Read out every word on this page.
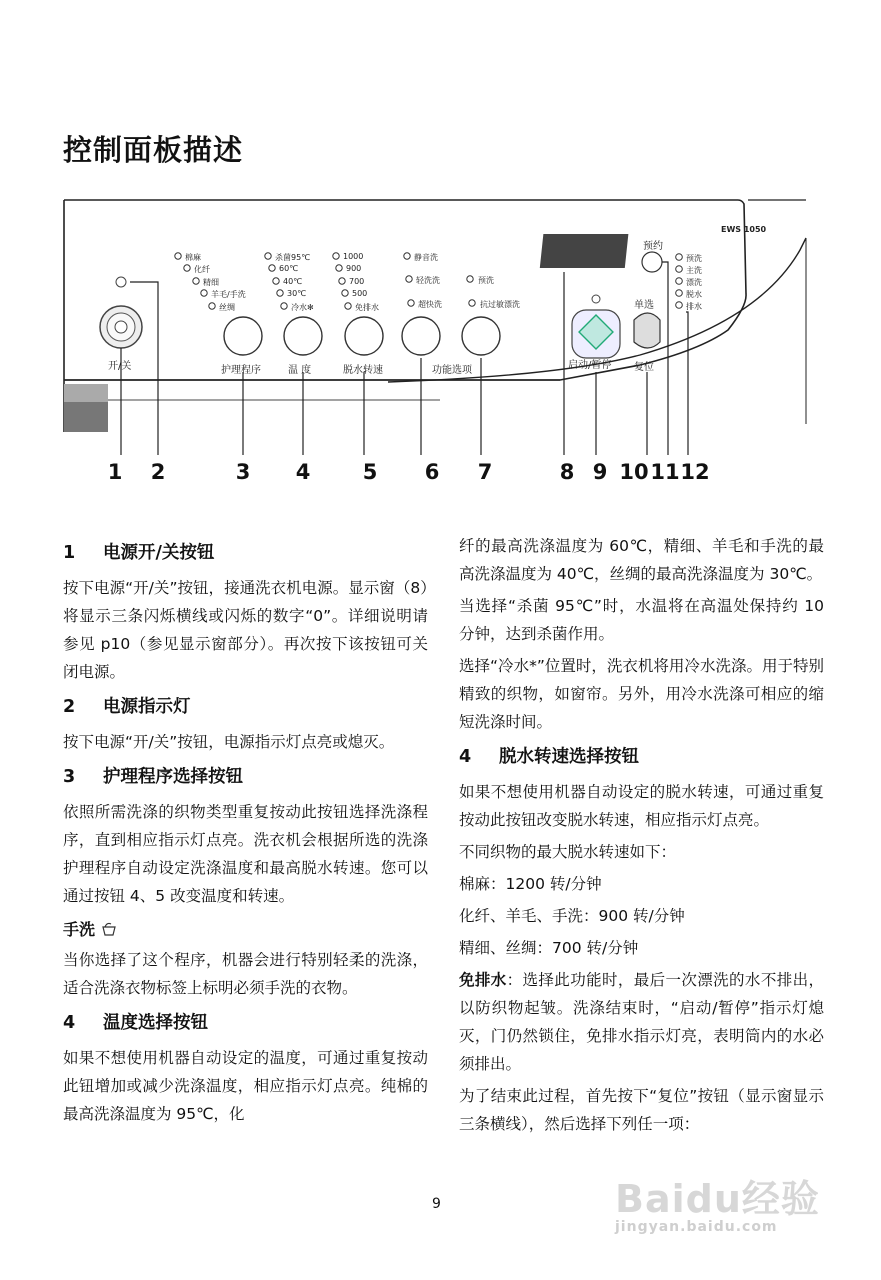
控制面板描述
EWS 1050
开/关
棉麻
化纤
精细
羊毛/手洗
丝绸
护理程序
杀菌95℃
60℃
40℃
30℃
冷水✻
温 度
1000
900
700
500
免排水
脱水转速
静音洗
轻洗洗
超快洗
预洗
抗过敏漂洗
功能选项
预约
启动/暂停
单选
复位
预洗
主洗
漂洗
脱水
排水
1	2	3	4	5	6	7	8 9 10 11 12
1 电源开/关按钮

按下电源“开/关”按钮，接通洗衣机电源。显示窗（8）将显示三条闪烁横线或闪烁的数字“0”。详细说明请参见 p10（参见显示窗部分）。再次按下该按钮可关闭电源。

2 电源指示灯

按下电源“开/关”按钮，电源指示灯点亮或熄灭。

3 护理程序选择按钮

依照所需洗涤的织物类型重复按动此按钮选择洗涤程序，直到相应指示灯点亮。洗衣机会根据所选的洗涤护理程序自动设定洗涤温度和最高脱水转速。您可以通过按钮 4、5 改变温度和转速。

手洗

当你选择了这个程序，机器会进行特别轻柔的洗涤，适合洗涤衣物标签上标明必须手洗的衣物。

4 温度选择按钮

如果不想使用机器自动设定的温度，可通过重复按动此钮增加或减少洗涤温度，相应指示灯点亮。纯棉的最高洗涤温度为 95℃，化

纤的最高洗涤温度为 60℃，精细、羊毛和手洗的最高洗涤温度为 40℃，丝绸的最高洗涤温度为 30℃。

当选择“杀菌 95℃”时，水温将在高温处保持约 10 分钟，达到杀菌作用。

选择“冷水*”位置时，洗衣机将用冷水洗涤。用于特别精致的织物，如窗帘。另外，用冷水洗涤可相应的缩短洗涤时间。

4 脱水转速选择按钮

如果不想使用机器自动设定的脱水转速，可通过重复按动此按钮改变脱水转速，相应指示灯点亮。

不同织物的最大脱水转速如下：

棉麻：1200 转/分钟

化纤、羊毛、手洗：900 转/分钟

精细、丝绸：700 转/分钟

免排水：选择此功能时，最后一次漂洗的水不排出，以防织物起皱。洗涤结束时，“启动/暂停”指示灯熄灭，门仍然锁住，免排水指示灯亮，表明筒内的水必须排出。

为了结束此过程，首先按下“复位”按钮（显示窗显示三条横线），然后选择下列任一项：

9	Baidu经验
jingyan.baidu.com
